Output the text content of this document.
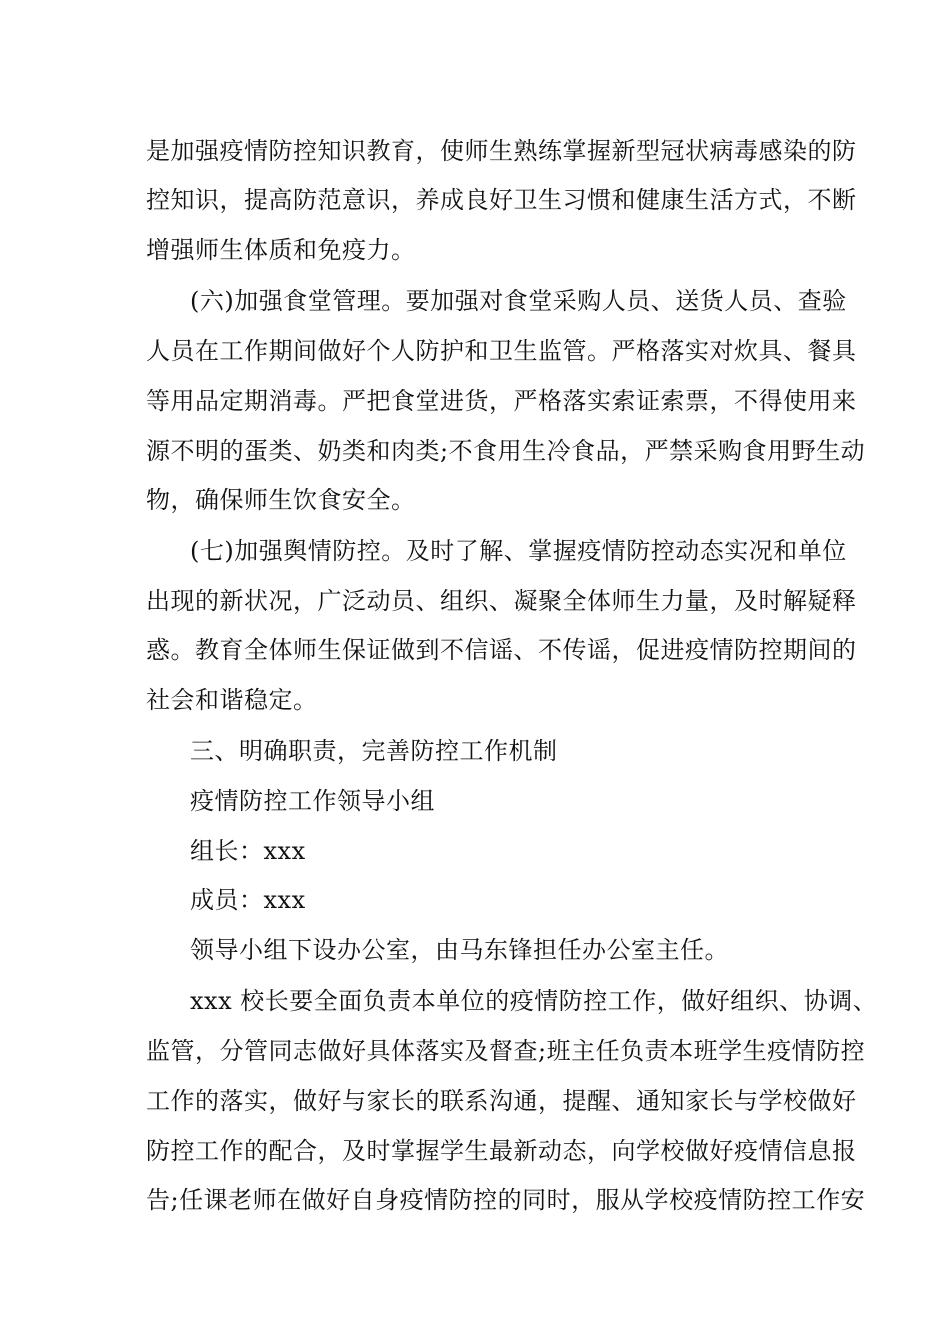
是加强疫情防控知识教育，使师生熟练掌握新型冠状病毒感染的防
控知识，提高防范意识，养成良好卫生习惯和健康生活方式，不断
增强师生体质和免疫力。
(六)加强食堂管理。要加强对食堂采购人员、送货人员、查验
人员在工作期间做好个人防护和卫生监管。严格落实对炊具、餐具
等用品定期消毒。严把食堂进货，严格落实索证索票，不得使用来
源不明的蛋类、奶类和肉类;不食用生冷食品，严禁采购食用野生动
物，确保师生饮食安全。
(七)加强舆情防控。及时了解、掌握疫情防控动态实况和单位
出现的新状况，广泛动员、组织、凝聚全体师生力量，及时解疑释
惑。教育全体师生保证做到不信谣、不传谣，促进疫情防控期间的
社会和谐稳定。
三、明确职责，完善防控工作机制
疫情防控工作领导小组
组长：xxx
成员：xxx
领导小组下设办公室，由马东锋担任办公室主任。
xxx 校长要全面负责本单位的疫情防控工作，做好组织、协调、
监管，分管同志做好具体落实及督查;班主任负责本班学生疫情防控
工作的落实，做好与家长的联系沟通，提醒、通知家长与学校做好
防控工作的配合，及时掌握学生最新动态，向学校做好疫情信息报
告;任课老师在做好自身疫情防控的同时，服从学校疫情防控工作安
